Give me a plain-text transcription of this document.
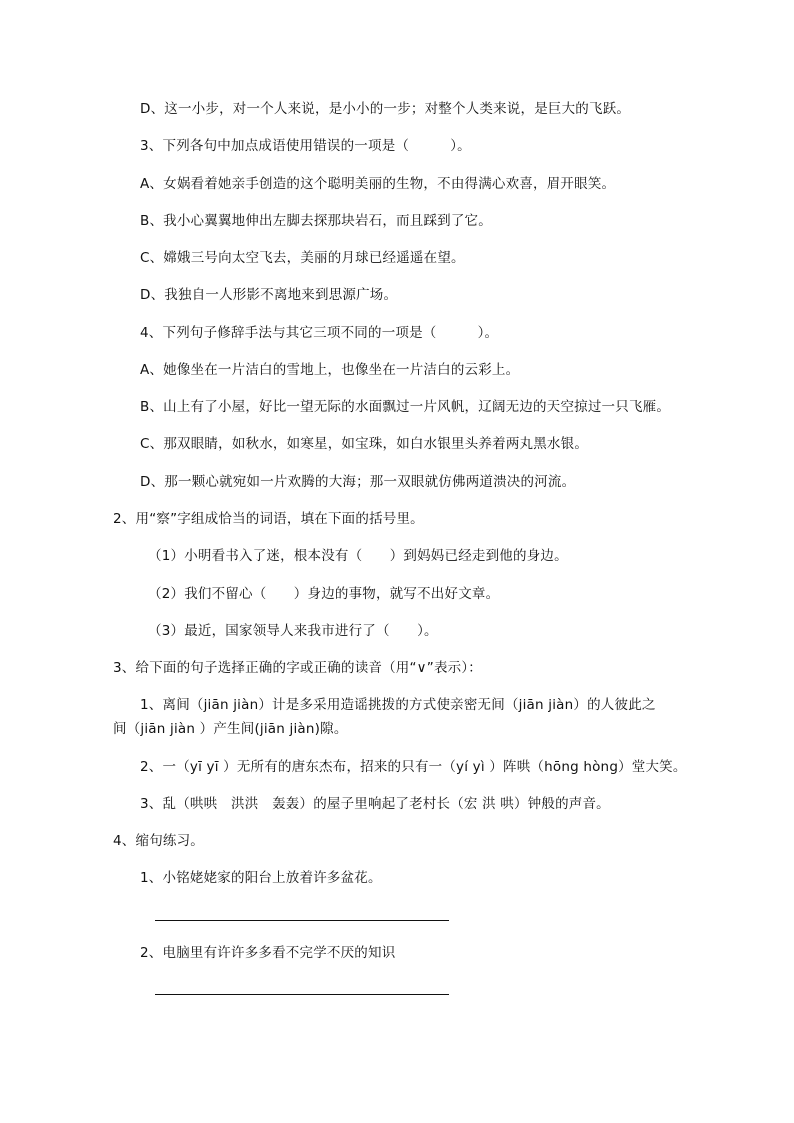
D、这一小步，对一个人来说，是小小的一步；对整个人类来说，是巨大的飞跃。
3、下列各句中加点成语使用错误的一项是（　　　）。
A、女娲看着她亲手创造的这个聪明美丽的生物，不由得满心欢喜，眉开眼笑。
B、我小心翼翼地伸出左脚去探那块岩石，而且踩到了它。
C、嫦娥三号向太空飞去，美丽的月球已经遥遥在望。
D、我独自一人形影不离地来到思源广场。
4、下列句子修辞手法与其它三项不同的一项是（　　　）。
A、她像坐在一片洁白的雪地上，也像坐在一片洁白的云彩上。
B、山上有了小屋，好比一望无际的水面飘过一片风帆，辽阔无边的天空掠过一只飞雁。
C、那双眼睛，如秋水，如寒星，如宝珠，如白水银里头养着两丸黑水银。
D、那一颗心就宛如一片欢腾的大海；那一双眼就仿佛两道溃决的河流。
2、用“察”字组成恰当的词语，填在下面的括号里。
（1）小明看书入了迷，根本没有（　　）到妈妈已经走到他的身边。
（2）我们不留心（　　）身边的事物，就写不出好文章。
（3）最近，国家领导人来我市进行了（　　）。
3、给下面的句子选择正确的字或正确的读音（用“∨”表示）：
1、离间（jiān jiàn）计是多采用造谣挑拨的方式使亲密无间（jiān jiàn）的人彼此之
间（jiān jiàn ）产生间(jiān jiàn)隙。
2、一（yī yī ）无所有的唐东杰布，招来的只有一（yí yì ）阵哄（hōng hòng）堂大笑。
3、乱（哄哄　洪洪　轰轰）的屋子里响起了老村长（宏 洪 哄）钟般的声音。
4、缩句练习。
1、小铭姥姥家的阳台上放着许多盆花。
2、电脑里有许许多多看不完学不厌的知识
